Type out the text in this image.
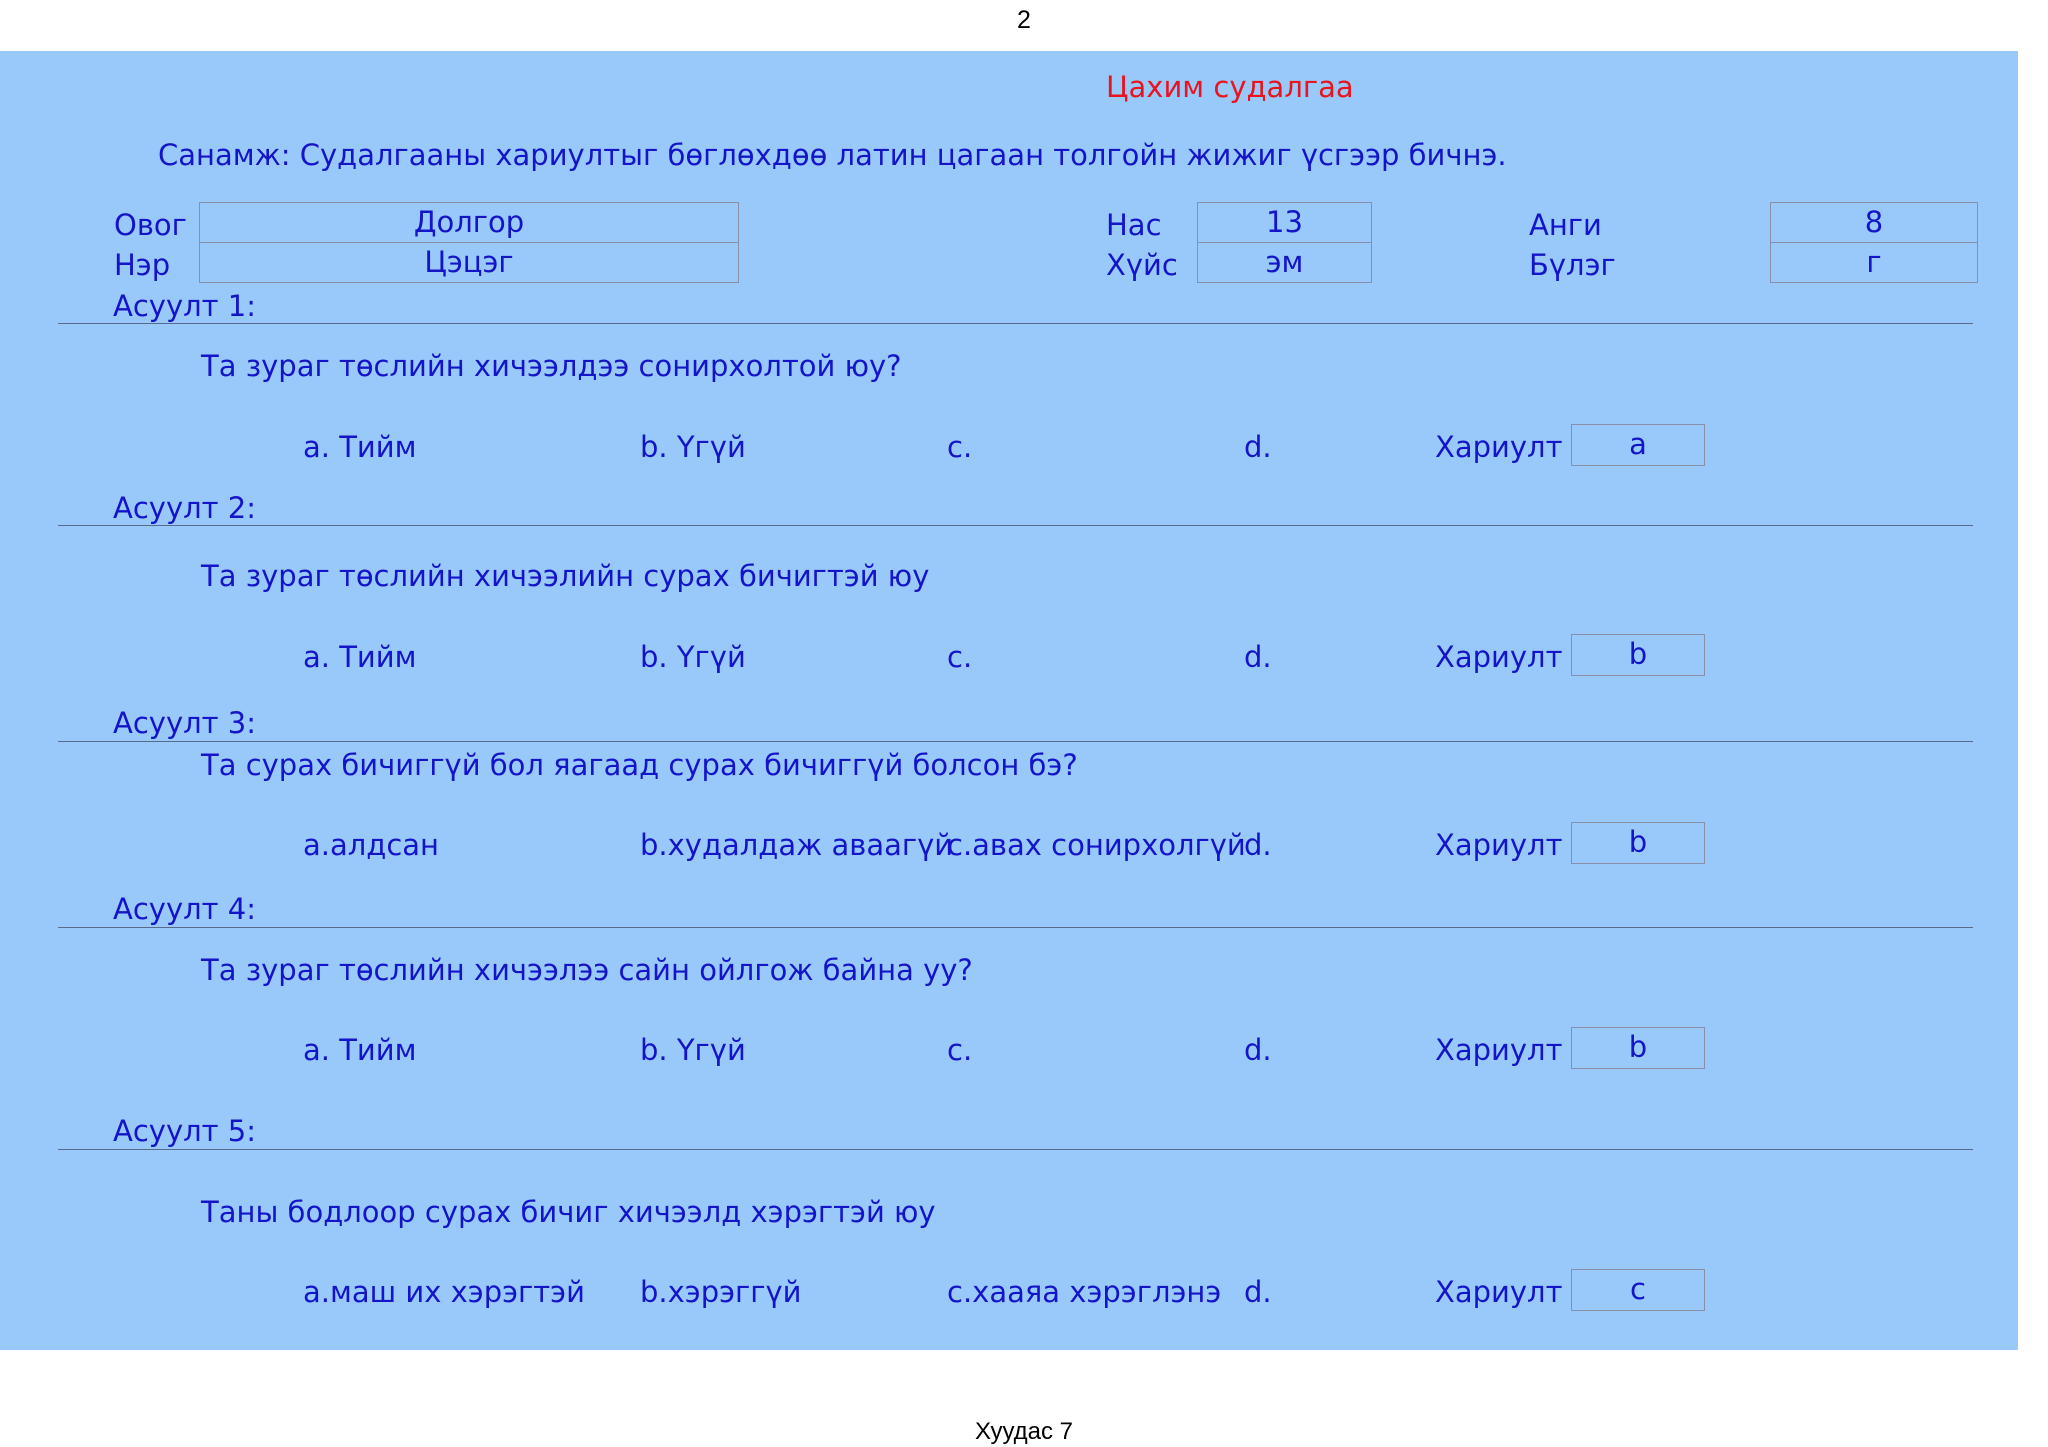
2
Цахим судалгаа
Санамж: Судалгааны хариултыг бөглөхдөө латин цагаан толгойн жижиг үсгээр бичнэ.
Овог	Долгор
Нэр	Цэцэг
Нас	13
Хүйс	эм
Анги	8
Бүлэг	г
Асуулт 1:
Та зураг төслийн хичээлдээ сонирхолтой юу?
a. Тийм	b. Үгүй	c.	d.	Хариулт	a
Асуулт 2:
Та зураг төслийн хичээлийн сурах бичигтэй юу
a. Тийм	b. Үгүй	c.	d.	Хариулт	b
Асуулт 3:
Та сурах бичиггүй бол яагаад сурах бичиггүй болсон бэ?
a.алдсан	b.худалдаж аваагүй
c.авах сонирхолгүй
d.	Хариулт	b
Асуулт 4:
Та зураг төслийн хичээлээ сайн ойлгож байна уу?
a. Тийм	b. Үгүй	c.	d.	Хариулт	b
Асуулт 5:
Таны бодлоор сурах бичиг хичээлд хэрэгтэй юу
a.маш их хэрэгтэй b.хэрэггүй	c.хааяа хэрэглэнэ d.	Хариулт	c
Хуудас 7
